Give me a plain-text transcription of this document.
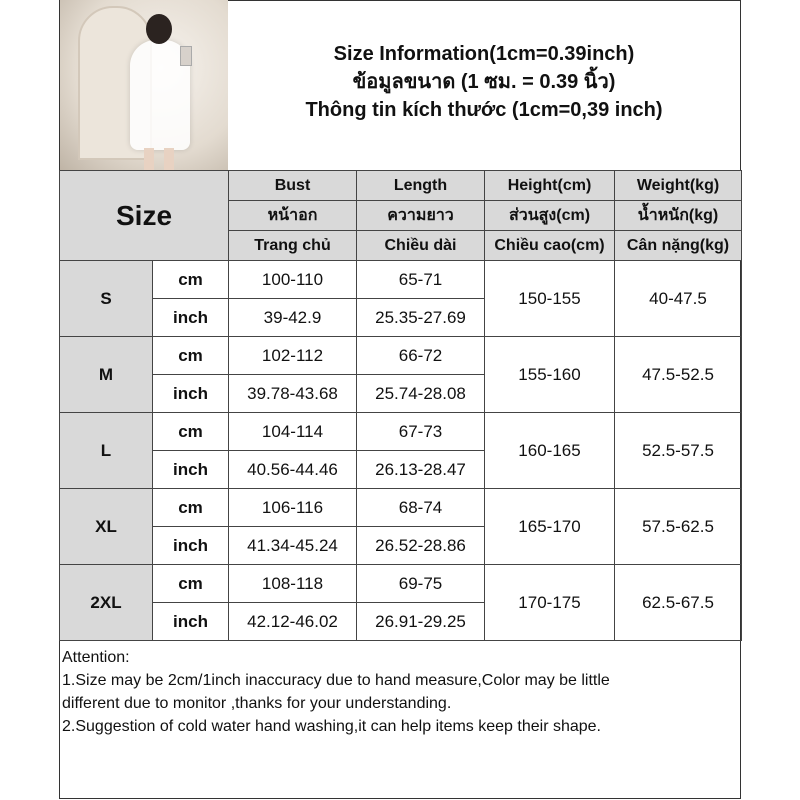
Size Information(1cm=0.39inch)
ข้อมูลขนาด (1 ซม. = 0.39 นิ้ว)
Thông tin kích thước (1cm=0,39 inch)
Size		Bust	Length	Height(cm)	Weight(kg)
		หน้าอก	ความยาว	ส่วนสูง(cm)	น้ำหนัก(kg)
		Trang chủ	Chiều dài	Chiều cao(cm)	Cân nặng(kg)
S	cm	100-110	65-71	150-155	40-47.5
	inch	39-42.9	25.35-27.69		
M	cm	102-112	66-72	155-160	47.5-52.5
	inch	39.78-43.68	25.74-28.08		
L	cm	104-114	67-73	160-165	52.5-57.5
	inch	40.56-44.46	26.13-28.47		
XL	cm	106-116	68-74	165-170	57.5-62.5
	inch	41.34-45.24	26.52-28.86		
2XL	cm	108-118	69-75	170-175	62.5-67.5
	inch	42.12-46.02	26.91-29.25		
Attention:
1.Size may be 2cm/1inch inaccuracy due to hand measure,Color may be little
different due to monitor ,thanks for your understanding.
2.Suggestion of cold water hand washing,it can help items keep their shape.
